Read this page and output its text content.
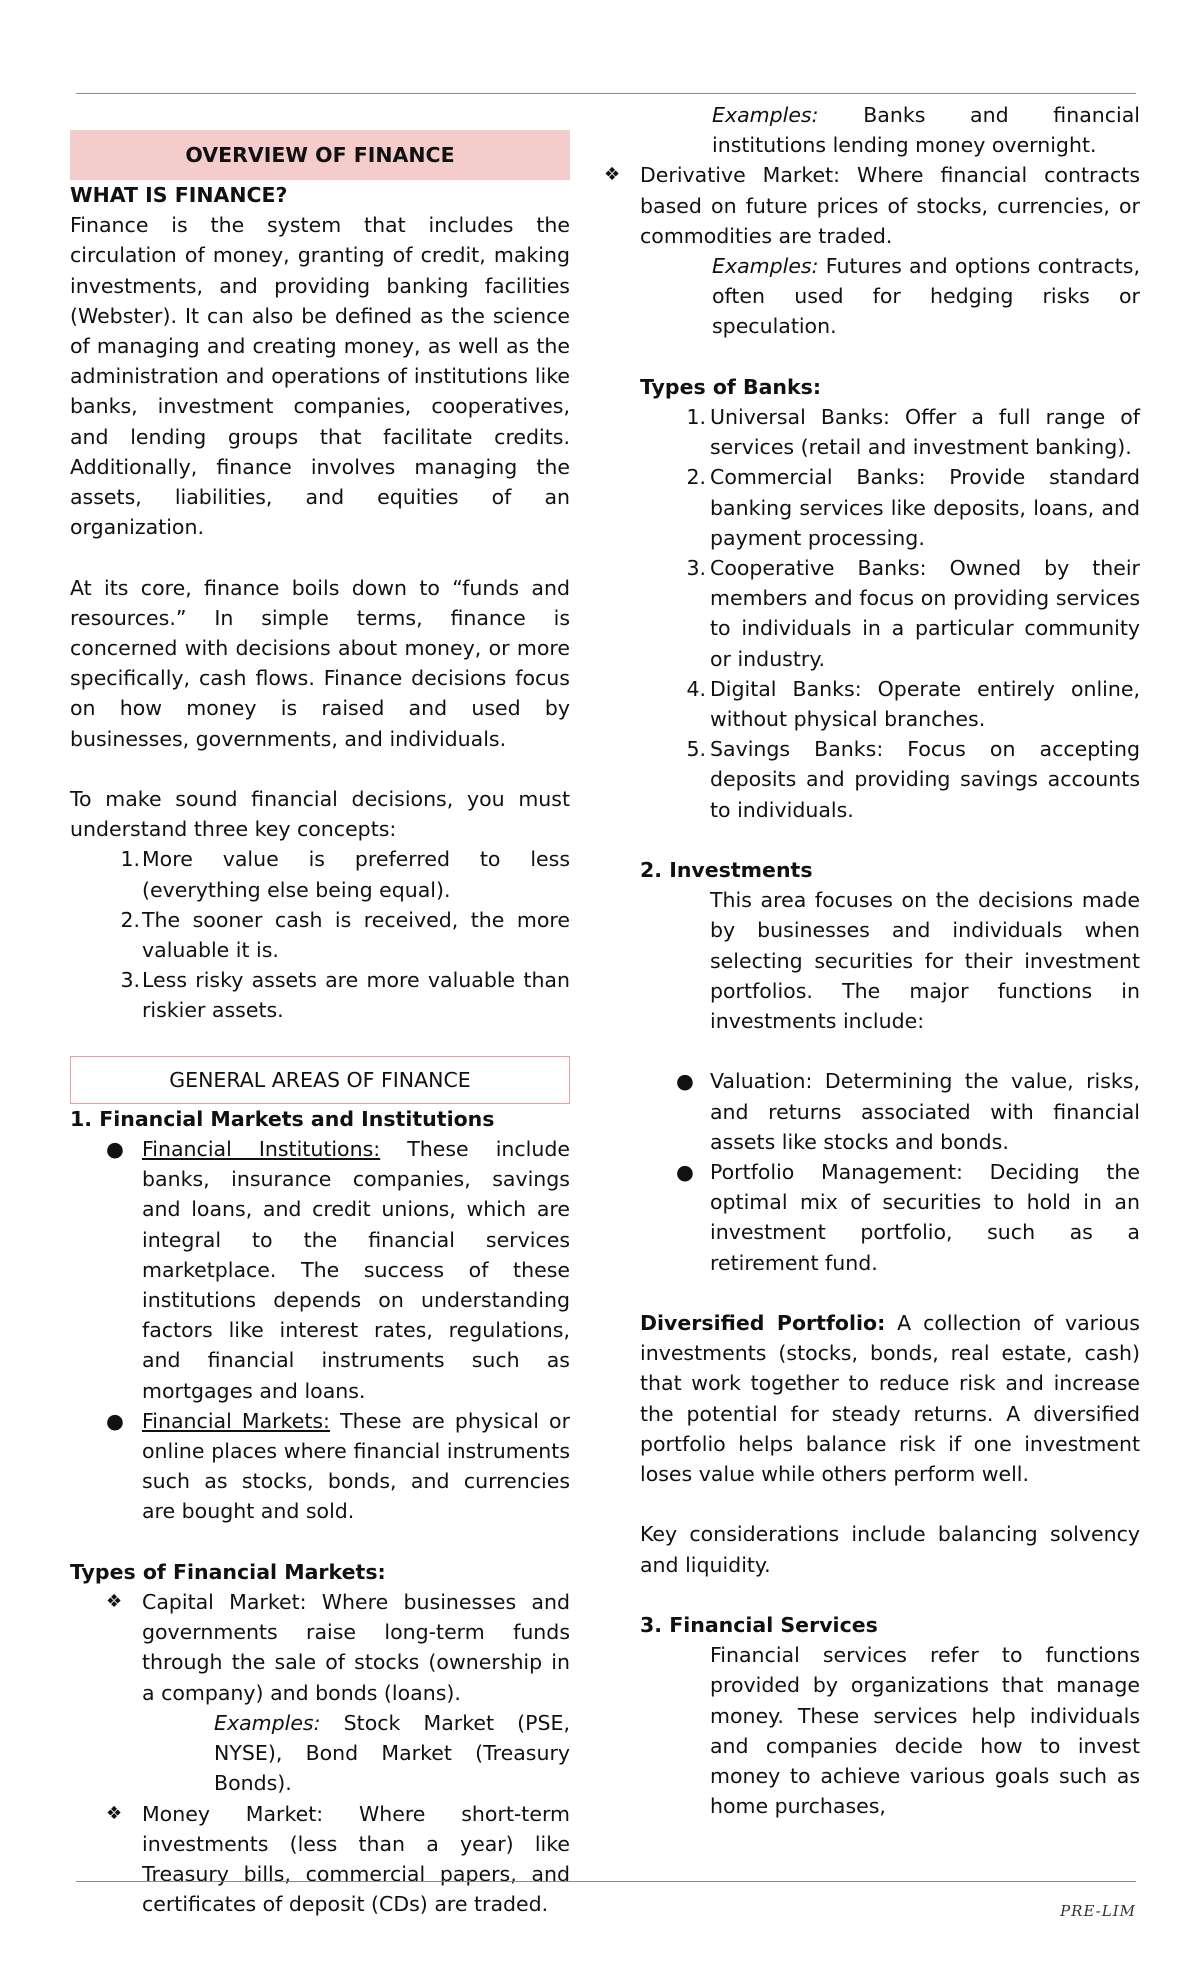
OVERVIEW OF FINANCE
WHAT IS FINANCE?

Finance is the system that includes the circulation of money, granting of credit, making investments, and providing banking facilities (Webster). It can also be defined as the science of managing and creating money, as well as the administration and operations of institutions like banks, investment companies, cooperatives, and lending groups that facilitate credits. Additionally, finance involves managing the assets, liabilities, and equities of an organization.

At its core, finance boils down to “funds and resources.” In simple terms, finance is concerned with decisions about money, or more specifically, cash flows. Finance decisions focus on how money is raised and used by businesses, governments, and individuals.

To make sound financial decisions, you must understand three key concepts:

1. More value is preferred to less (everything else being equal).
2. The sooner cash is received, the more valuable it is.
3. Less risky assets are more valuable than riskier assets.
GENERAL AREAS OF FINANCE
1. Financial Markets and Institutions
● Financial Institutions: These include banks, insurance companies, savings and loans, and credit unions, which are integral to the financial services marketplace. The success of these institutions depends on understanding factors like interest rates, regulations, and financial instruments such as mortgages and loans.
● Financial Markets: These are physical or online places where financial instruments such as stocks, bonds, and currencies are bought and sold.
Types of Financial Markets:
❖ Capital Market: Where businesses and governments raise long-term funds through the sale of stocks (ownership in a company) and bonds (loans).

Examples: Stock Market (PSE, NYSE), Bond Market (Treasury Bonds).

❖ Money Market: Where short-term investments (less than a year) like Treasury bills, commercial papers, and certificates of deposit (CDs) are traded.

Examples: Banks and financial institutions lending money overnight.

❖ Derivative Market: Where financial contracts based on future prices of stocks, currencies, or commodities are traded.

Examples: Futures and options contracts, often used for hedging risks or speculation.

Types of Banks:
1. Universal Banks: Offer a full range of services (retail and investment banking).
2. Commercial Banks: Provide standard banking services like deposits, loans, and payment processing.
3. Cooperative Banks: Owned by their members and focus on providing services to individuals in a particular community or industry.
4. Digital Banks: Operate entirely online, without physical branches.
5. Savings Banks: Focus on accepting deposits and providing savings accounts to individuals.
2. Investments

This area focuses on the decisions made by businesses and individuals when selecting securities for their investment portfolios. The major functions in investments include:

● Valuation: Determining the value, risks, and returns associated with financial assets like stocks and bonds.
● Portfolio Management: Deciding the optimal mix of securities to hold in an investment portfolio, such as a retirement fund.

Diversified Portfolio: A collection of various investments (stocks, bonds, real estate, cash) that work together to reduce risk and increase the potential for steady returns. A diversified portfolio helps balance risk if one investment loses value while others perform well.

Key considerations include balancing solvency and liquidity.

3. Financial Services

Financial services refer to functions provided by organizations that manage money. These services help individuals and companies decide how to invest money to achieve various goals such as home purchases,

PRE-LIM
